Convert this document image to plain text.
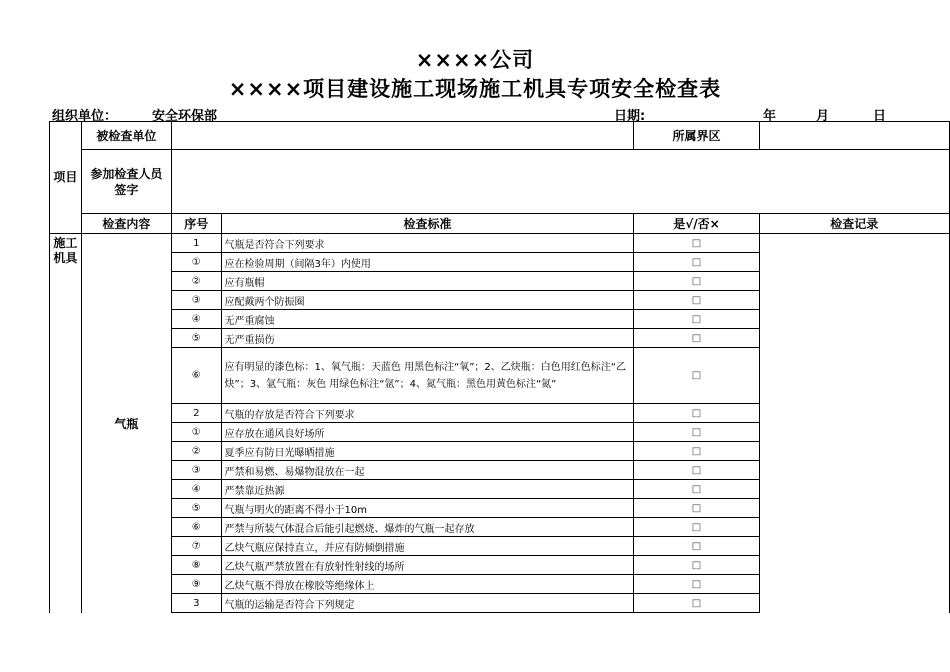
××××公司
××××项目建设施工现场施工机具专项安全检查表
组织单位：	安全环保部	日期:	年	月	日
项目	被检查单位			所属界区	
	参加检查人员签字				
	检查内容	序号	检查标准	是√/否×	检查记录
施工机具	气瓶	1	气瓶是否符合下列要求	□	
		①	应在检验周期（间隔3年）内使用	□	
		②	应有瓶帽	□	
		③	应配戴两个防振圈	□	
		④	无严重腐蚀	□	
		⑤	无严重损伤	□	
		⑥	应有明显的漆色标：1、氧气瓶：天蓝色 用黑色标注“氧”；2、乙炔瓶：白色用红色标注“乙炔”；3、氩气瓶：灰色 用绿色标注“氩”；4、氮气瓶：黑色用黄色标注“氮”	□	
		2	气瓶的存放是否符合下列要求	□	
		①	应存放在通风良好场所	□	
		②	夏季应有防日光曝晒措施	□	
		③	严禁和易燃、易爆物混放在一起	□	
		④	严禁靠近热源	□	
		⑤	气瓶与明火的距离不得小于10m	□	
		⑥	严禁与所装气体混合后能引起燃烧、爆炸的气瓶一起存放	□	
		⑦	乙炔气瓶应保持直立，并应有防倾倒措施	□	
		⑧	乙炔气瓶严禁放置在有放射性射线的场所	□	
		⑨	乙炔气瓶不得放在橡胶等绝缘体上	□	
		3	气瓶的运输是否符合下列规定	□	
